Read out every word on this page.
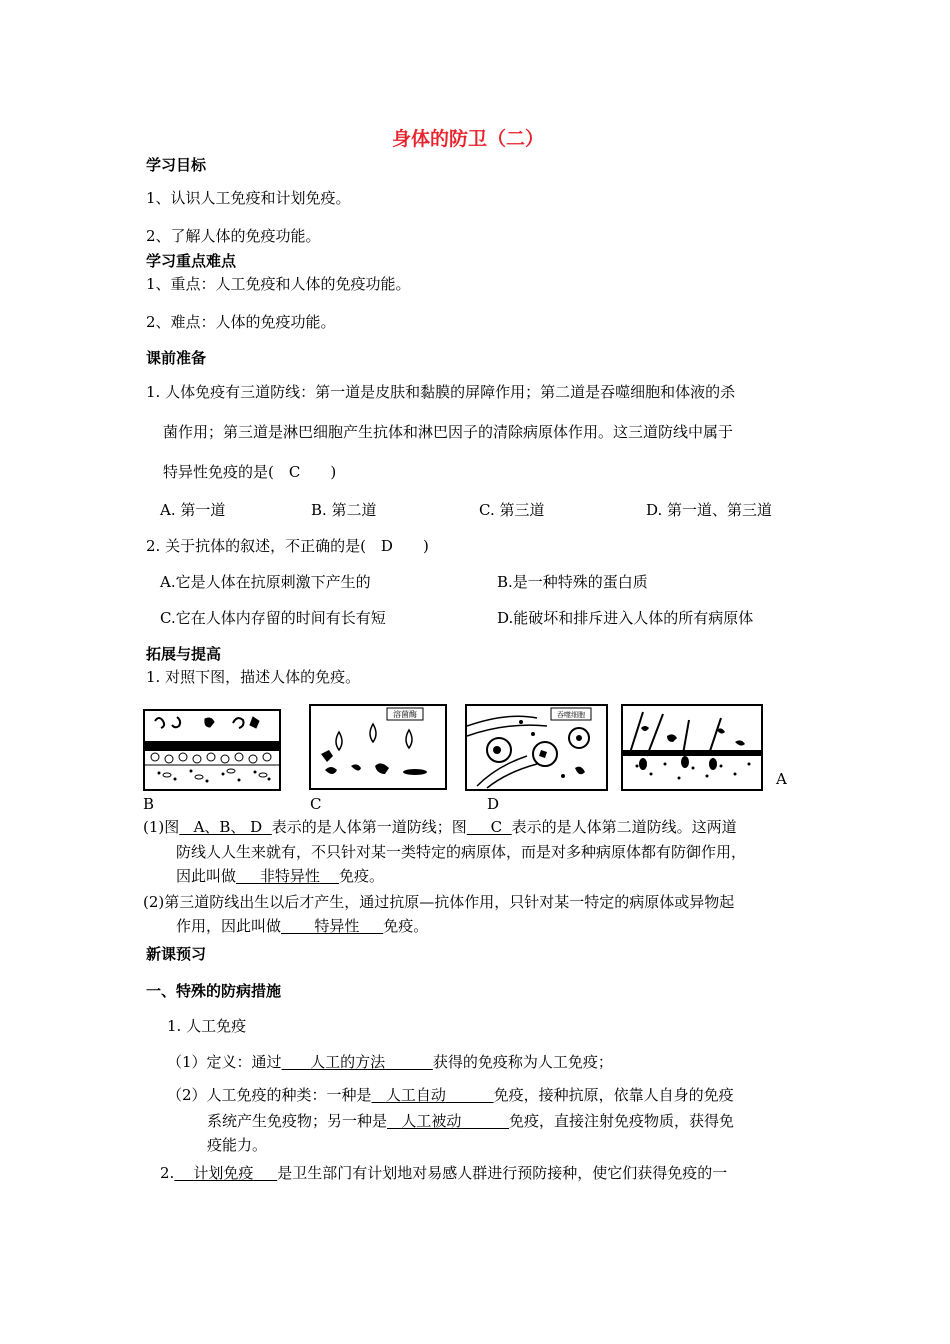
身体的防卫（二）
学习目标
1、认识人工免疫和计划免疫。
2、了解人体的免疫功能。
学习重点难点
1、重点：人工免疫和人体的免疫功能。
2、难点：人体的免疫功能。
课前准备
1. 人体免疫有三道防线：第一道是皮肤和黏膜的屏障作用；第二道是吞噬细胞和体液的杀
菌作用；第三道是淋巴细胞产生抗体和淋巴因子的清除病原体作用。这三道防线中属于
特异性免疫的是(　C　　)
A. 第一道	B. 第二道	C. 第三道	D. 第一道、第三道
2. 关于抗体的叙述，不正确的是(　D　　)
A.它是人体在抗原刺激下产生的	B.是一种特殊的蛋白质
C.它在人体内存留的时间有长有短	D.能破坏和排斥进入人体的所有病原体
拓展与提高
1. 对照下图，描述人体的免疫。
溶菌酶	吞噬细胞
A
B	C	D
(1)图 A、B、 D 表示的是人体第一道防线；图 C 表示的是人体第二道防线。这两道
防线人人生来就有，不只针对某一类特定的病原体，而是对多种病原体都有防御作用，
因此叫做 非特异性 免疫。
(2)第三道防线出生以后才产生，通过抗原—抗体作用，只针对某一特定的病原体或异物起
作用，因此叫做 特异性 免疫。
新课预习
一、特殊的防病措施
1. 人工免疫
（1）定义：通过 人工的方法	获得的免疫称为人工免疫；
（2）人工免疫的种类：一种是 人工自动	免疫，接种抗原，依靠人自身的免疫
系统产生免疫物；另一种是 人工被动	免疫，直接注射免疫物质，获得免
疫能力。
2. 计划免疫 是卫生部门有计划地对易感人群进行预防接种，使它们获得免疫的一
